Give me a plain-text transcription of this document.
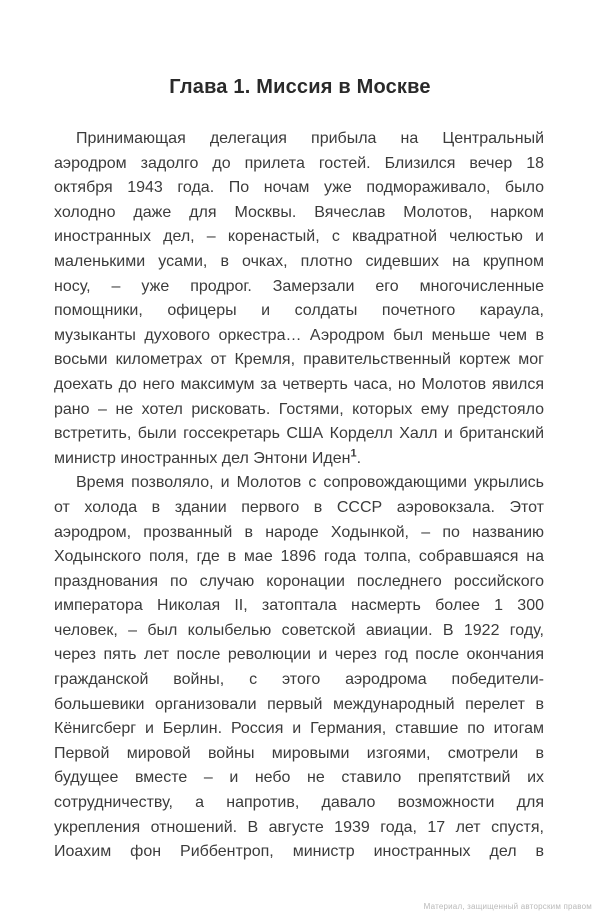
Глава 1. Миссия в Москве
Принимающая делегация прибыла на Центральный
аэродром задолго до прилета гостей. Близился вечер 18
октября 1943 года. По ночам уже подмораживало, было
холодно даже для Москвы. Вячеслав Молотов, нарком
иностранных дел, – коренастый, с квадратной челюстью и
маленькими усами, в очках, плотно сидевших на крупном
носу, – уже продрог. Замерзали его многочисленные
помощники, офицеры и солдаты почетного караула,
музыканты духового оркестра… Аэродром был меньше чем в
восьми километрах от Кремля, правительственный кортеж мог
доехать до него максимум за четверть часа, но Молотов явился
рано – не хотел рисковать. Гостями, которых ему предстояло
встретить, были госсекретарь США Корделл Халл и британский
министр иностранных дел Энтони Иден$^1$.
Время позволяло, и Молотов с сопровождающими укрылись
от холода в здании первого в СССР аэровокзала. Этот
аэродром, прозванный в народе Ходынкой, – по названию
Ходынского поля, где в мае 1896 года толпа, собравшаяся на
празднования по случаю коронации последнего российского
императора Николая II, затоптала насмерть более 1 300
человек, – был колыбелью советской авиации. В 1922 году,
через пять лет после революции и через год после окончания
гражданской войны, с этого аэродрома победители-
большевики организовали первый международный перелет в
Кёнигсберг и Берлин. Россия и Германия, ставшие по итогам
Первой мировой войны мировыми изгоями, смотрели в
будущее вместе – и небо не ставило препятствий их
сотрудничеству, а напротив, давало возможности для
укрепления отношений. В августе 1939 года, 17 лет спустя,
Иоахим фон Риббентроп, министр иностранных дел в
Материал, защищенный авторским правом
